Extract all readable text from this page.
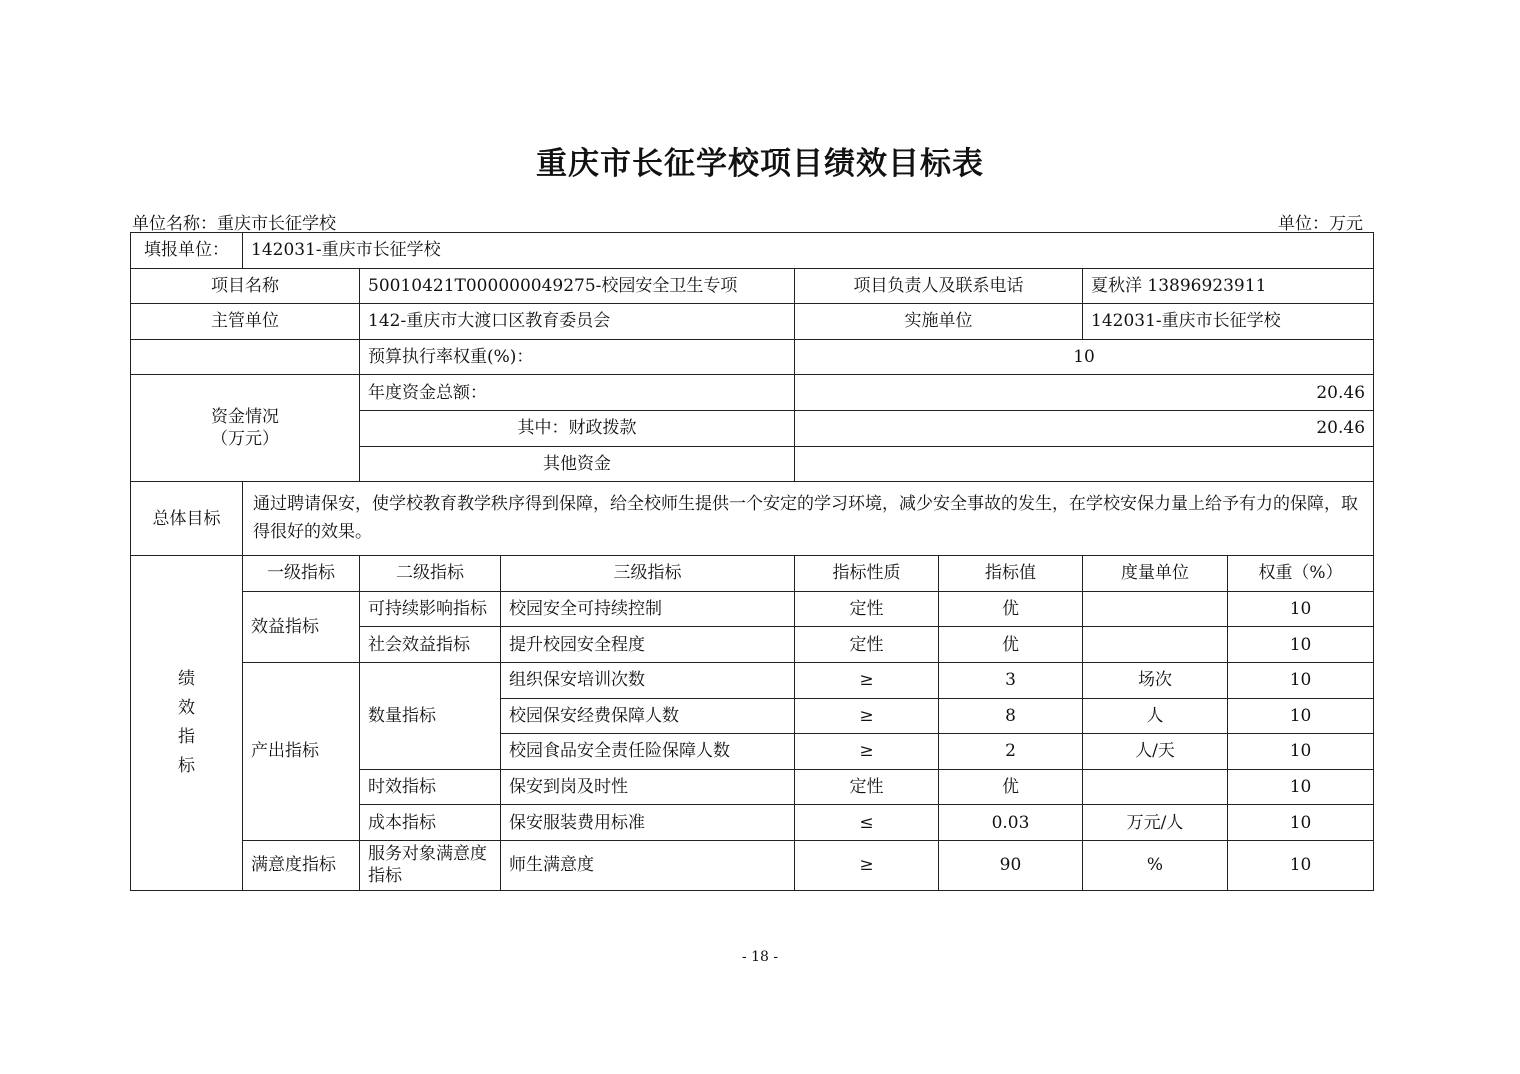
重庆市长征学校项目绩效目标表
单位名称：重庆市长征学校	单位：万元
填报单位：	142031-重庆市长征学校						
项目名称		50010421T000000049275-校园安全卫生专项		项目负责人及联系电话		夏秋洋 13896923911	
主管单位		142-重庆市大渡口区教育委员会		实施单位		142031-重庆市长征学校	
		预算执行率权重(%)：		10			

资金情况
（万元）		年度资金总额：		20.46			
		其中：财政拨款		20.46			
		其他资金					
总体目标	通过聘请保安，使学校教育教学秩序得到保障，给全校师生提供一个安定的学习环境，减少安全事故的发生，在学校安保力量上给予有力的保障，取得很好的效果。						

绩
效
指
标	一级指标	二级指标	三级指标	指标性质	指标值	度量单位	权重（%）
	效益指标	可持续影响指标	校园安全可持续控制	定性	优		10
		社会效益指标	提升校园安全程度	定性	优		10
	产出指标	数量指标	组织保安培训次数	≥	3	场次	10
			校园保安经费保障人数	≥	8	人	10
			校园食品安全责任险保障人数	≥	2	人/天	10
		时效指标	保安到岗及时性	定性	优		10
		成本指标	保安服装费用标准	≤	0.03	万元/人	10
	满意度指标	服务对象满意度指标	师生满意度	≥	90	%	10
- 18 -
